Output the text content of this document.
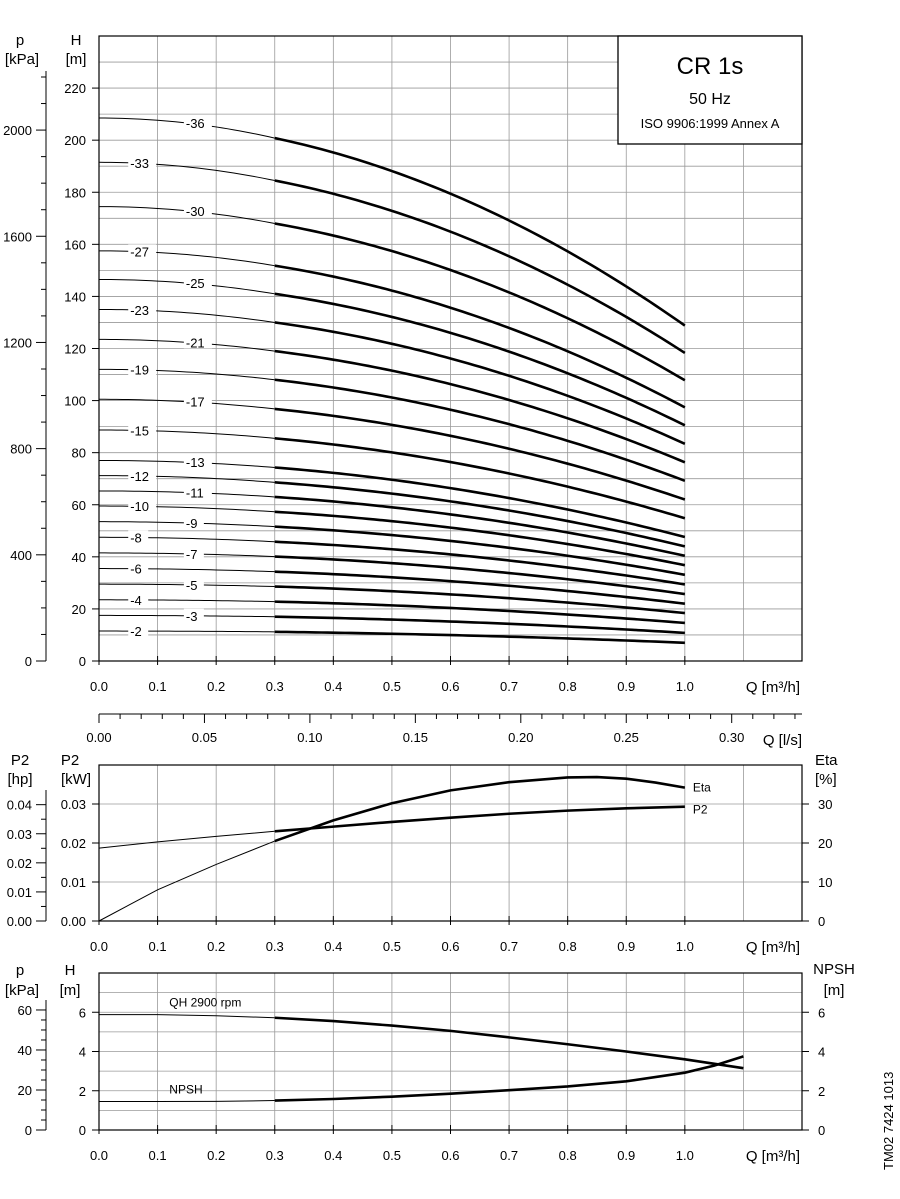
0
20
40
60
80
100
120
140
160
180
200
220
H
[m]
0
400
800
1200
1600
2000
p
[kPa]
0.0	0.1	0.2	0.3	0.4	0.5	0.6	0.7	0.8	0.9	1.0	Q [m³/h]
CR 1s
50 Hz
ISO 9906:1999 Annex A
-2
-3
-4
-5
-6
-7
-8
-9
-10
-11
-12
-13
-15
-17
-19
-21
-23
-25
-27
-30
-33
-36
0.00	0.05	0.10	0.15	0.20	0.25	0.30 Q [l/s]
0.00
0.01
0.02
0.03
P2
[kW]
0.00
0.01
0.02
0.03
0.04
P2
[hp]
0
10
20
30
Eta
[%]
0.0	0.1	0.2	0.3	0.4	0.5	0.6	0.7	0.8	0.9	1.0	Q [m³/h]
Eta
P2
0
2
4
6
H
[m]
0
20
40
60
p
[kPa]
0
2
4
6
NPSH
[m]
0.0	0.1	0.2	0.3	0.4	0.5	0.6	0.7	0.8	0.9	1.0	Q [m³/h]
QH 2900 rpm
NPSH	TM02 7424 1013
